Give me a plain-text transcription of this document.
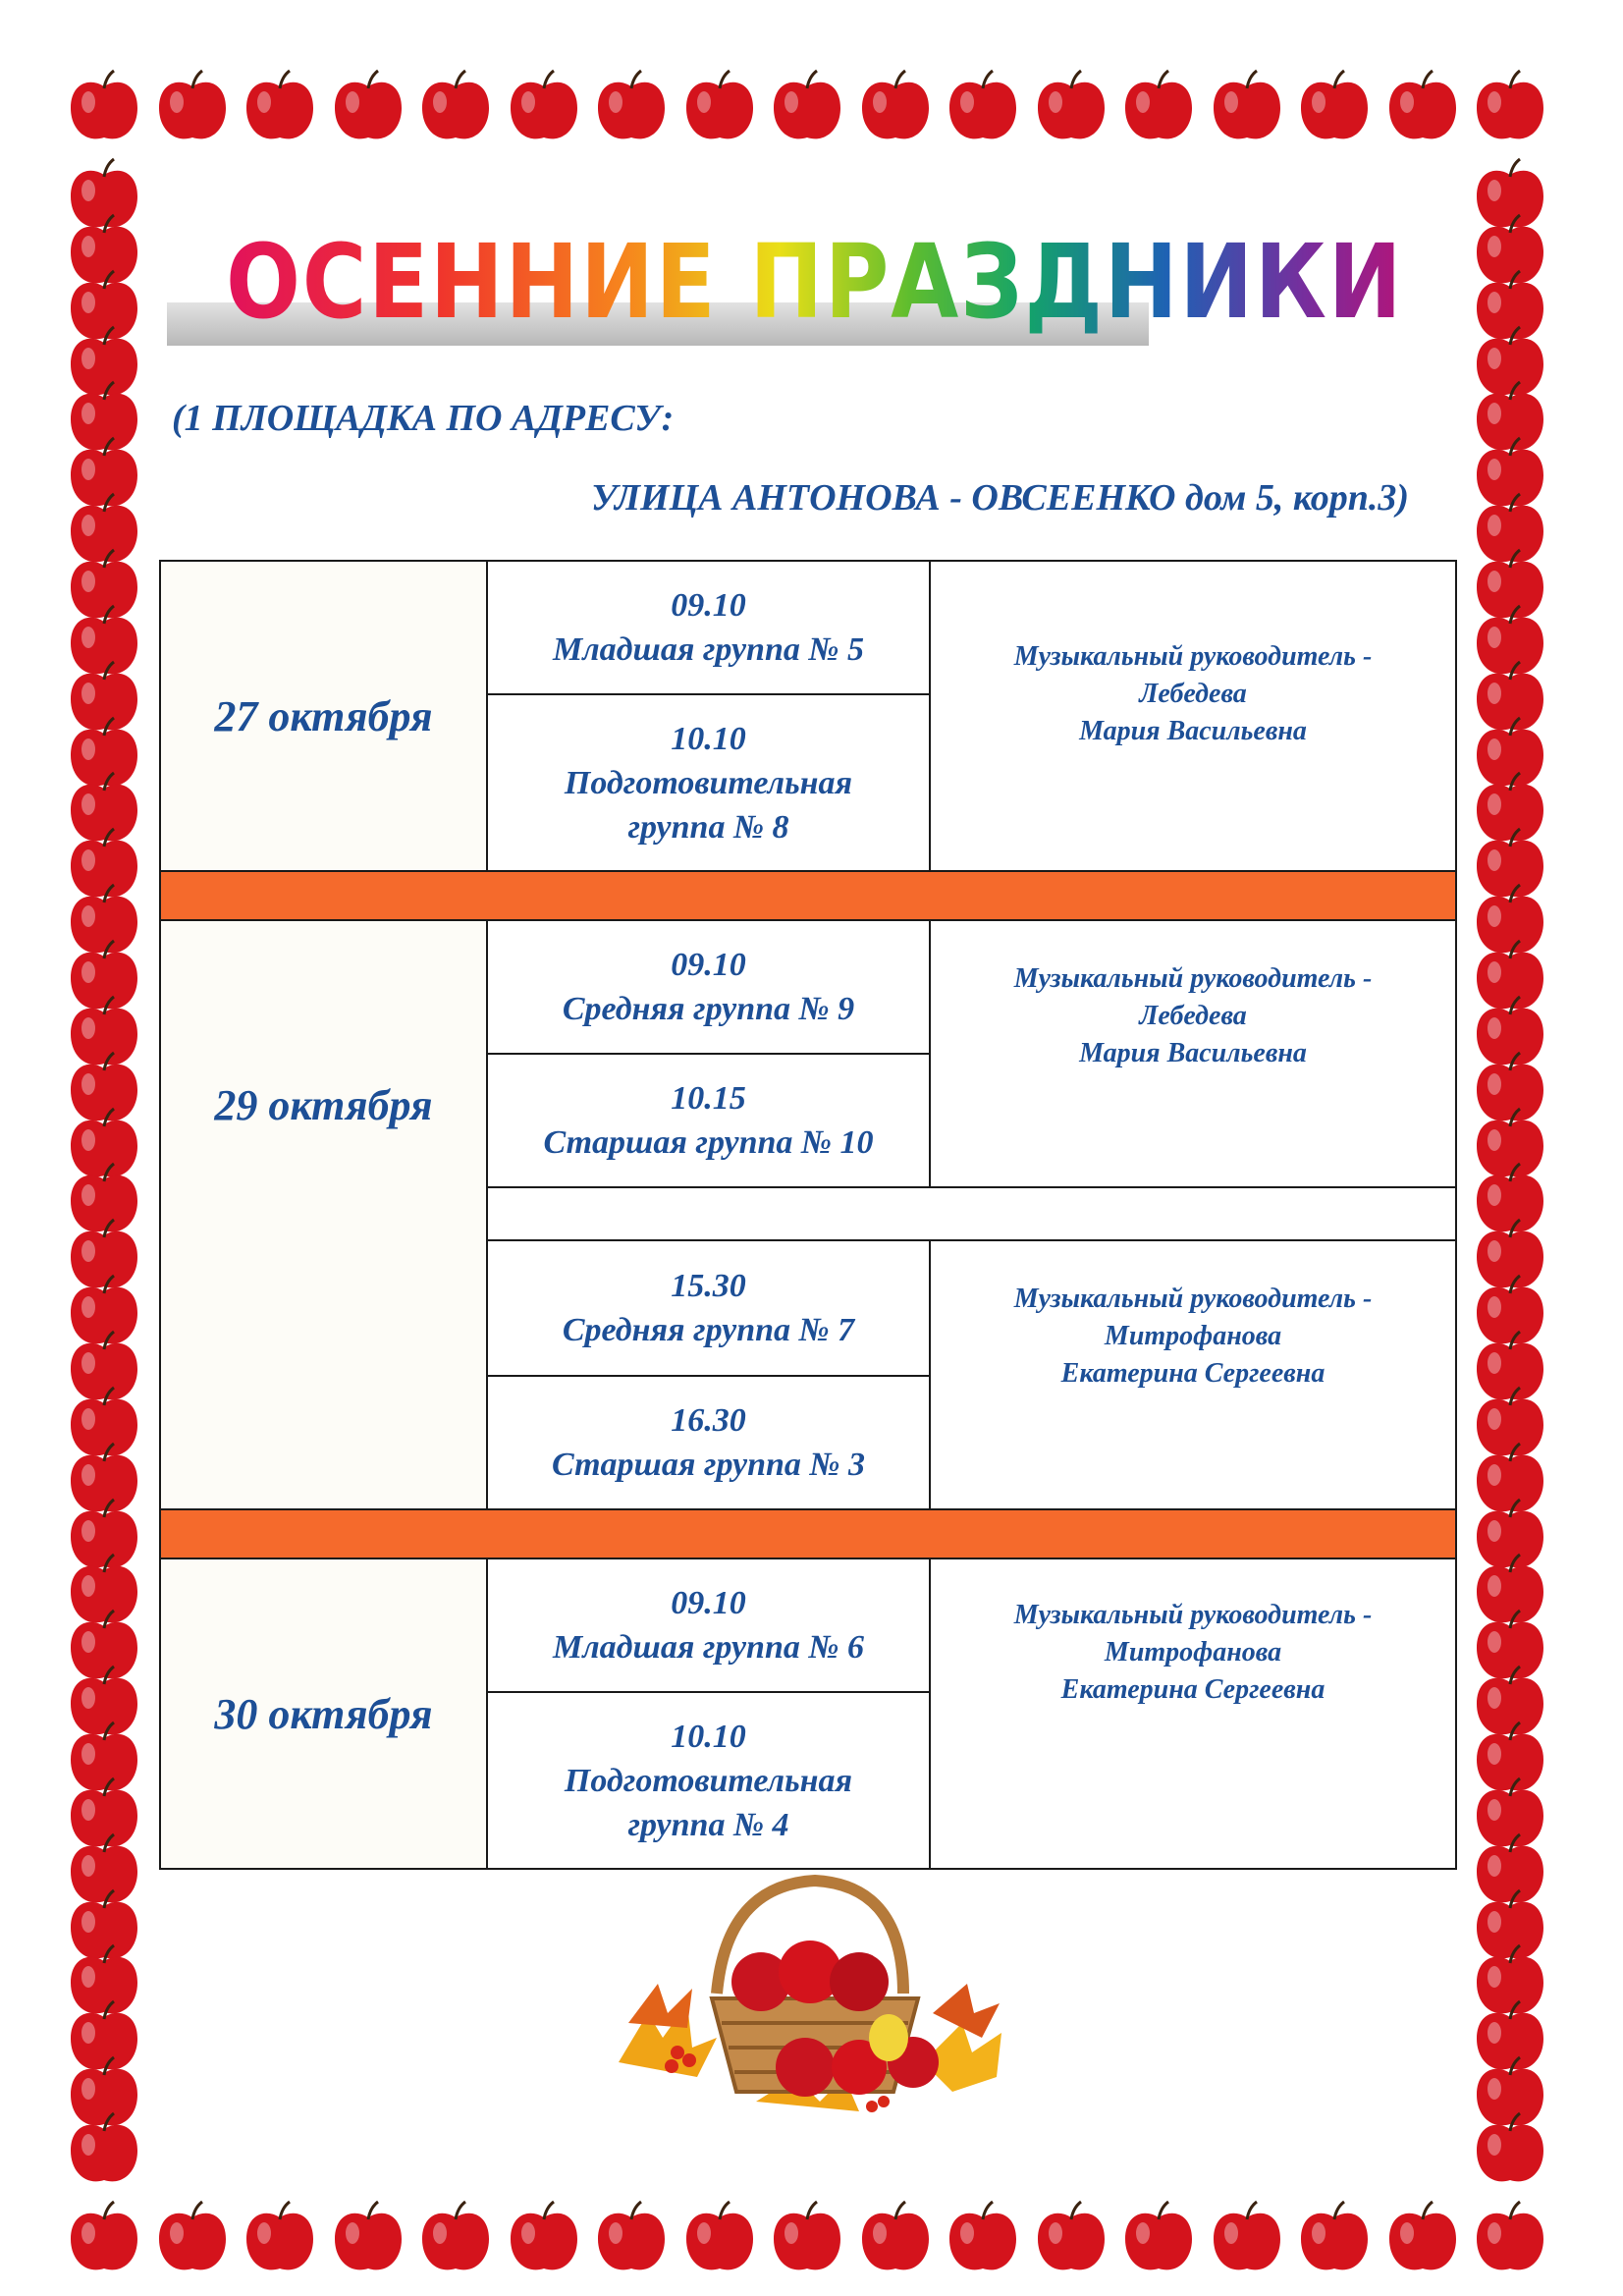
ОСЕННИЕ ПРАЗДНИКИ
(1 ПЛОЩАДКА ПО АДРЕСУ:
УЛИЦА АНТОНОВА - ОВСЕЕНКО дом 5, корп.3)
27 октября
09.10
Младшая группа № 5
10.10
Подготовительная группа № 8
Музыкальный руководитель -
Лебедева
Мария Васильевна
29 октября
09.10
Средняя группа № 9
10.15
Старшая группа № 10
Музыкальный руководитель -
Лебедева
Мария Васильевна
15.30
Средняя группа № 7
16.30
Старшая группа № 3
Музыкальный руководитель -
Митрофанова
Екатерина Сергеевна
30 октября
09.10
Младшая группа № 6
10.10
Подготовительная группа № 4
Музыкальный руководитель -
Митрофанова
Екатерина Сергеевна
